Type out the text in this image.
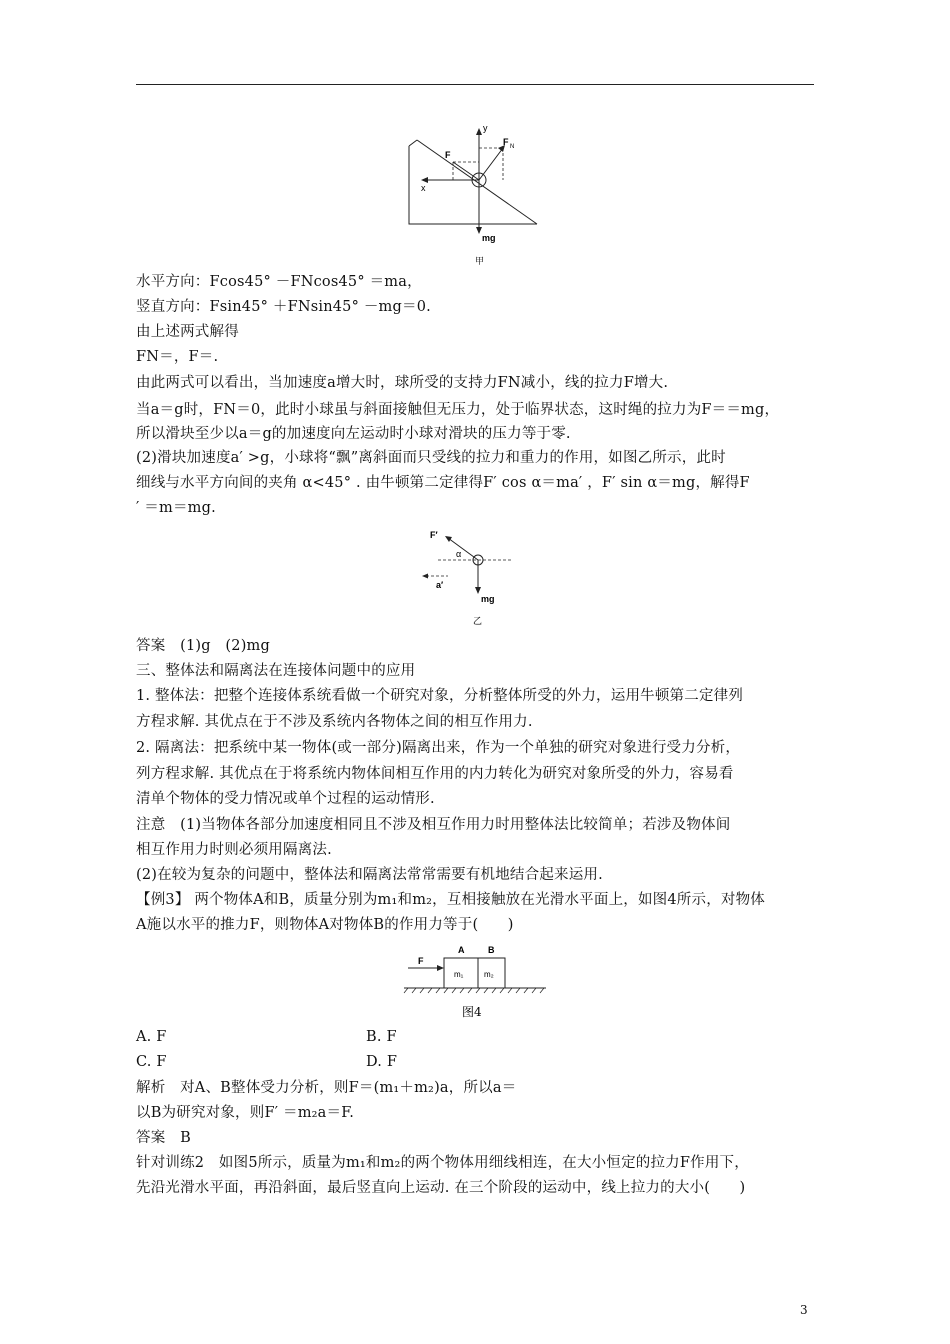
y
F N
F
x
mg
甲
水平方向：Fcos45° －FNcos45° ＝ma，
竖直方向：Fsin45° ＋FNsin45° －mg＝0.
由上述两式解得
FN＝，F＝.
由此两式可以看出，当加速度a增大时，球所受的支持力FN减小，线的拉力F增大.
当a＝g时，FN＝0，此时小球虽与斜面接触但无压力，处于临界状态，这时绳的拉力为F＝＝mg，
所以滑块至少以a＝g的加速度向左运动时小球对滑块的压力等于零.
(2)滑块加速度a′ >g，小球将“飘”离斜面而只受线的拉力和重力的作用，如图乙所示，此时
细线与水平方向间的夹角 α<45° . 由牛顿第二定律得F′ cos α＝ma′ ，F′ sin α＝mg，解得F
′ ＝m＝mg.
F′
α
a′
mg
乙
答案　(1)g　(2)mg
三、整体法和隔离法在连接体问题中的应用
1. 整体法：把整个连接体系统看做一个研究对象，分析整体所受的外力，运用牛顿第二定律列
方程求解. 其优点在于不涉及系统内各物体之间的相互作用力.
2. 隔离法：把系统中某一物体(或一部分)隔离出来，作为一个单独的研究对象进行受力分析，
列方程求解. 其优点在于将系统内物体间相互作用的内力转化为研究对象所受的外力，容易看
清单个物体的受力情况或单个过程的运动情形.
注意　(1)当物体各部分加速度相同且不涉及相互作用力时用整体法比较简单；若涉及物体间
相互作用力时则必须用隔离法.
(2)在较为复杂的问题中，整体法和隔离法常常需要有机地结合起来运用.
【例3】 两个物体A和B，质量分别为m₁和m₂，互相接触放在光滑水平面上，如图4所示，对物体
A施以水平的推力F，则物体A对物体B的作用力等于(　　)
A	B
F
m₁	m₂
图4
A. F	B. F
C. F	D. F
解析　对A、B整体受力分析，则F＝(m₁＋m₂)a，所以a＝
以B为研究对象，则F′ ＝m₂a＝F.
答案　B
针对训练2　如图5所示，质量为m₁和m₂的两个物体用细线相连，在大小恒定的拉力F作用下，
先沿光滑水平面，再沿斜面，最后竖直向上运动. 在三个阶段的运动中，线上拉力的大小(　　)
3
